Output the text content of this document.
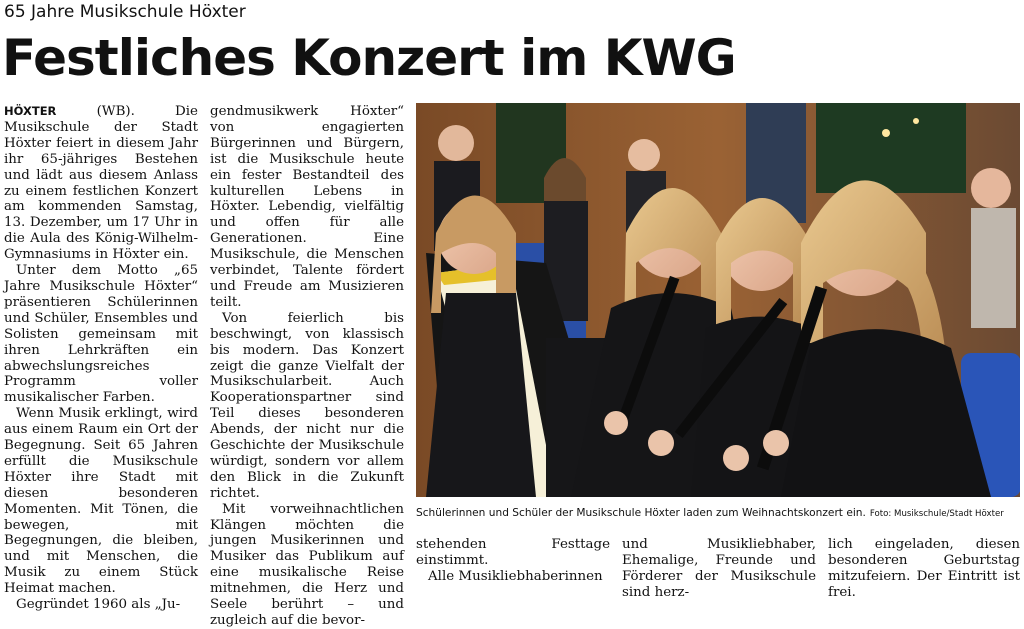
65 Jahre Musikschule Höxter
Festliches Konzert im KWG

HÖXTER	(WB). Die Musikschule der Stadt Höxter feiert in diesem Jahr ihr 65-jähriges Bestehen und lädt aus diesem Anlass zu einem festlichen Konzert am kommenden Samstag, 13. Dezember, um 17 Uhr in die Aula des König-Wilhelm-Gymnasiums in Höxter ein.

Unter dem Motto „65 Jahre Musikschule Höxter“ präsentieren Schülerinnen und Schüler, Ensembles und Solisten gemeinsam mit ihren Lehrkräften ein abwechslungsreiches Programm voller musikalischer Farben.

Wenn Musik erklingt, wird aus einem Raum ein Ort der Begegnung. Seit 65 Jahren erfüllt die Musikschule Höxter ihre Stadt mit diesen besonderen Momenten. Mit Tönen, die bewegen, mit Begegnungen, die bleiben, und mit Menschen, die Musik zu einem Stück Heimat machen.

Gegründet 1960 als „Ju-

gendmusikwerk Höxter“ von engagierten Bürgerinnen und Bürgern, ist die Musikschule heute ein fester Bestandteil des kulturellen Lebens in Höxter. Lebendig, vielfältig und offen für alle Generationen. Eine Musikschule, die Menschen verbindet, Talente fördert und Freude am Musizieren teilt.

Von feierlich bis beschwingt, von klassisch bis modern. Das Konzert zeigt die ganze Vielfalt der Musikschularbeit. Auch Kooperationspartner sind Teil dieses besonderen Abends, der nicht nur die Geschichte der Musikschule würdigt, sondern vor allem den Blick in die Zukunft richtet.

Mit vorweihnachtlichen Klängen möchten die jungen Musikerinnen und Musiker das Publikum auf eine musikalische Reise mitnehmen, die Herz und Seele berührt – und zugleich auf die bevor-

Schülerinnen und Schüler der Musikschule Höxter laden zum Weihnachtskonzert ein. Foto: Musikschule/Stadt Höxter

stehenden Festtage einstimmt.

Alle Musikliebhaberinnen

und Musikliebhaber, Ehemalige, Freunde und Förderer der Musikschule sind herz-

lich eingeladen, diesen besonderen Geburtstag mitzufeiern. Der Eintritt ist frei.
